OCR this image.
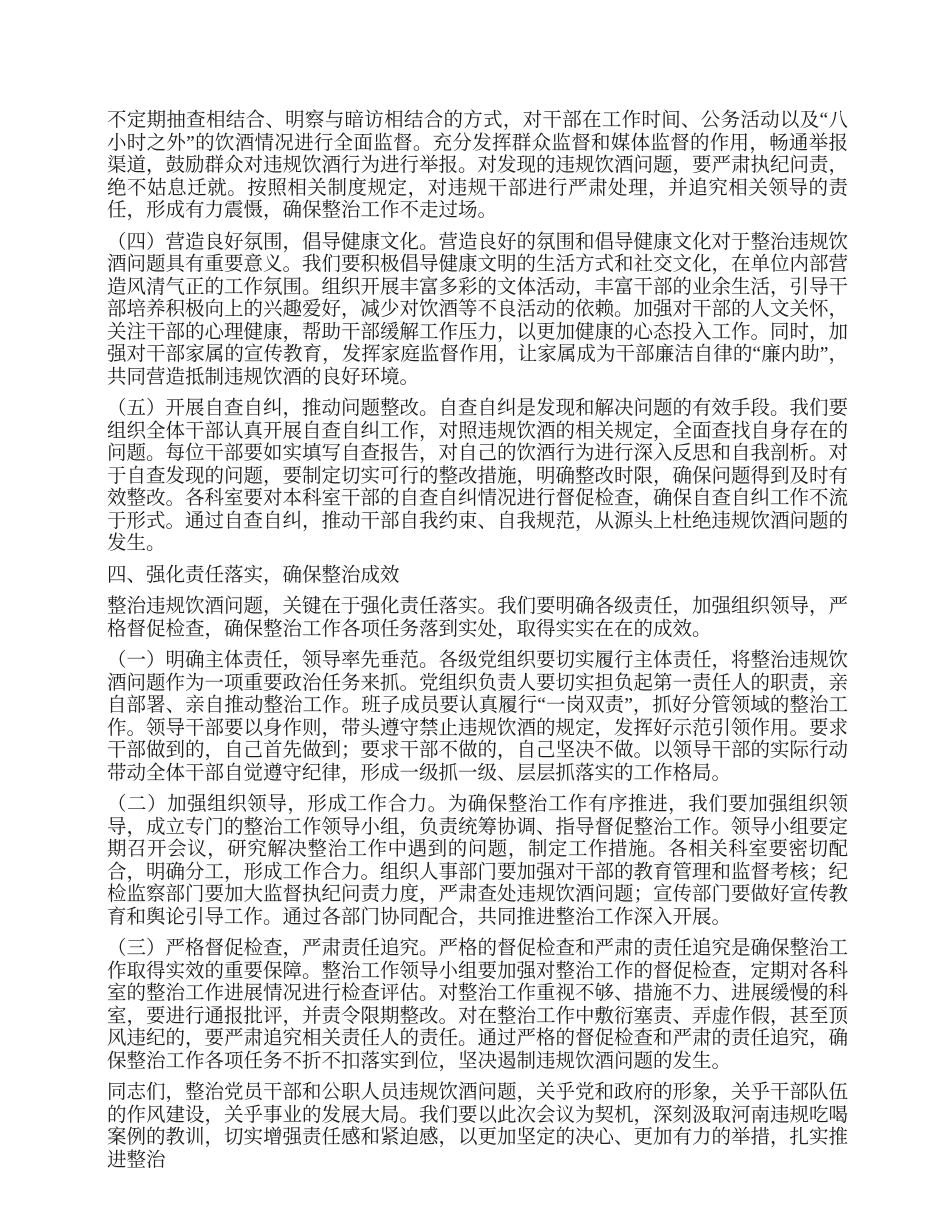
不定期抽查相结合、明察与暗访相结合的方式，对干部在工作时间、公务活动以及“八小时之外”的饮酒情况进行全面监督。充分发挥群众监督和媒体监督的作用，畅通举报渠道，鼓励群众对违规饮酒行为进行举报。对发现的违规饮酒问题，要严肃执纪问责，绝不姑息迁就。按照相关制度规定，对违规干部进行严肃处理，并追究相关领导的责任，形成有力震慑，确保整治工作不走过场。

（四）营造良好氛围，倡导健康文化。营造良好的氛围和倡导健康文化对于整治违规饮酒问题具有重要意义。我们要积极倡导健康文明的生活方式和社交文化，在单位内部营造风清气正的工作氛围。组织开展丰富多彩的文体活动，丰富干部的业余生活，引导干部培养积极向上的兴趣爱好，减少对饮酒等不良活动的依赖。加强对干部的人文关怀，关注干部的心理健康，帮助干部缓解工作压力，以更加健康的心态投入工作。同时，加强对干部家属的宣传教育，发挥家庭监督作用，让家属成为干部廉洁自律的“廉内助”，共同营造抵制违规饮酒的良好环境。

（五）开展自查自纠，推动问题整改。自查自纠是发现和解决问题的有效手段。我们要组织全体干部认真开展自查自纠工作，对照违规饮酒的相关规定，全面查找自身存在的问题。每位干部要如实填写自查报告，对自己的饮酒行为进行深入反思和自我剖析。对于自查发现的问题，要制定切实可行的整改措施，明确整改时限，确保问题得到及时有效整改。各科室要对本科室干部的自查自纠情况进行督促检查，确保自查自纠工作不流于形式。通过自查自纠，推动干部自我约束、自我规范，从源头上杜绝违规饮酒问题的发生。

四、强化责任落实，确保整治成效

整治违规饮酒问题，关键在于强化责任落实。我们要明确各级责任，加强组织领导，严格督促检查，确保整治工作各项任务落到实处，取得实实在在的成效。

（一）明确主体责任，领导率先垂范。各级党组织要切实履行主体责任，将整治违规饮酒问题作为一项重要政治任务来抓。党组织负责人要切实担负起第一责任人的职责，亲自部署、亲自推动整治工作。班子成员要认真履行“一岗双责”，抓好分管领域的整治工作。领导干部要以身作则，带头遵守禁止违规饮酒的规定，发挥好示范引领作用。要求干部做到的，自己首先做到；要求干部不做的，自己坚决不做。以领导干部的实际行动带动全体干部自觉遵守纪律，形成一级抓一级、层层抓落实的工作格局。

（二）加强组织领导，形成工作合力。为确保整治工作有序推进，我们要加强组织领导，成立专门的整治工作领导小组，负责统筹协调、指导督促整治工作。领导小组要定期召开会议，研究解决整治工作中遇到的问题，制定工作措施。各相关科室要密切配合，明确分工，形成工作合力。组织人事部门要加强对干部的教育管理和监督考核；纪检监察部门要加大监督执纪问责力度，严肃查处违规饮酒问题；宣传部门要做好宣传教育和舆论引导工作。通过各部门协同配合，共同推进整治工作深入开展。

（三）严格督促检查，严肃责任追究。严格的督促检查和严肃的责任追究是确保整治工作取得实效的重要保障。整治工作领导小组要加强对整治工作的督促检查，定期对各科室的整治工作进展情况进行检查评估。对整治工作重视不够、措施不力、进展缓慢的科室，要进行通报批评，并责令限期整改。对在整治工作中敷衍塞责、弄虚作假，甚至顶风违纪的，要严肃追究相关责任人的责任。通过严格的督促检查和严肃的责任追究，确保整治工作各项任务不折不扣落实到位，坚决遏制违规饮酒问题的发生。

同志们，整治党员干部和公职人员违规饮酒问题，关乎党和政府的形象，关乎干部队伍的作风建设，关乎事业的发展大局。我们要以此次会议为契机，深刻汲取河南违规吃喝案例的教训，切实增强责任感和紧迫感，以更加坚定的决心、更加有力的举措，扎实推进整治
